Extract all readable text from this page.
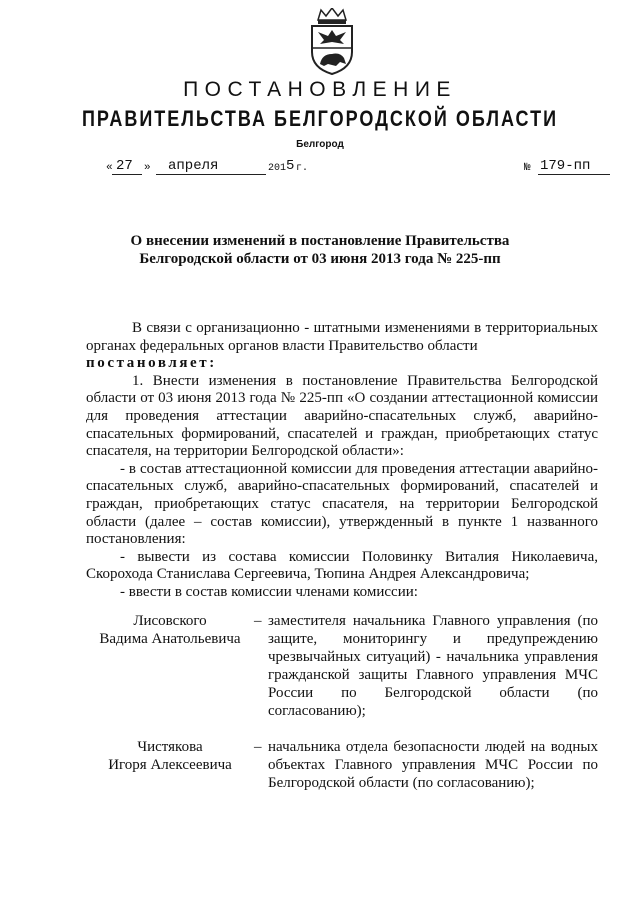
ПОСТАНОВЛЕНИЕ
ПРАВИТЕЛЬСТВА БЕЛГОРОДСКОЙ ОБЛАСТИ
Белгород
« 27 » апреля	201 5 г.	№ 179-пп
О внесении изменений в постановление Правительства
Белгородской области от 03 июня 2013 года № 225-пп

В связи с организационно - штатными изменениями в территориальных органах федеральных органов власти Правительство области

постановляет:

1. Внести изменения в постановление Правительства Белгородской области от 03 июня 2013 года № 225-пп «О создании аттестационной комиссии для проведения аттестации аварийно-спасательных служб, аварийно-спасательных формирований, спасателей и граждан, приобретающих статус спасателя, на территории Белгородской области»:

- в состав аттестационной комиссии для проведения аттестации аварийно-спасательных служб, аварийно-спасательных формирований, спасателей и граждан, приобретающих статус спасателя, на территории Белгородской области (далее – состав комиссии), утвержденный в пункте 1 названного постановления:

- вывести из состава комиссии Половинку Виталия Николаевича, Скорохода Станислава Сергеевича, Тюпина Андрея Александровича;

- ввести в состав комиссии членами комиссии:

Лисовского
Вадима Анатольевича
– заместителя начальника Главного управления (по защите, мониторингу и предупреждению чрезвычайных ситуаций) - начальника управления гражданской защиты Главного управления МЧС России по Белгородской области (по согласованию);
Чистякова
Игоря Алексеевича
– начальника отдела безопасности людей на водных объектах Главного управления МЧС России по Белгородской области (по согласованию);
